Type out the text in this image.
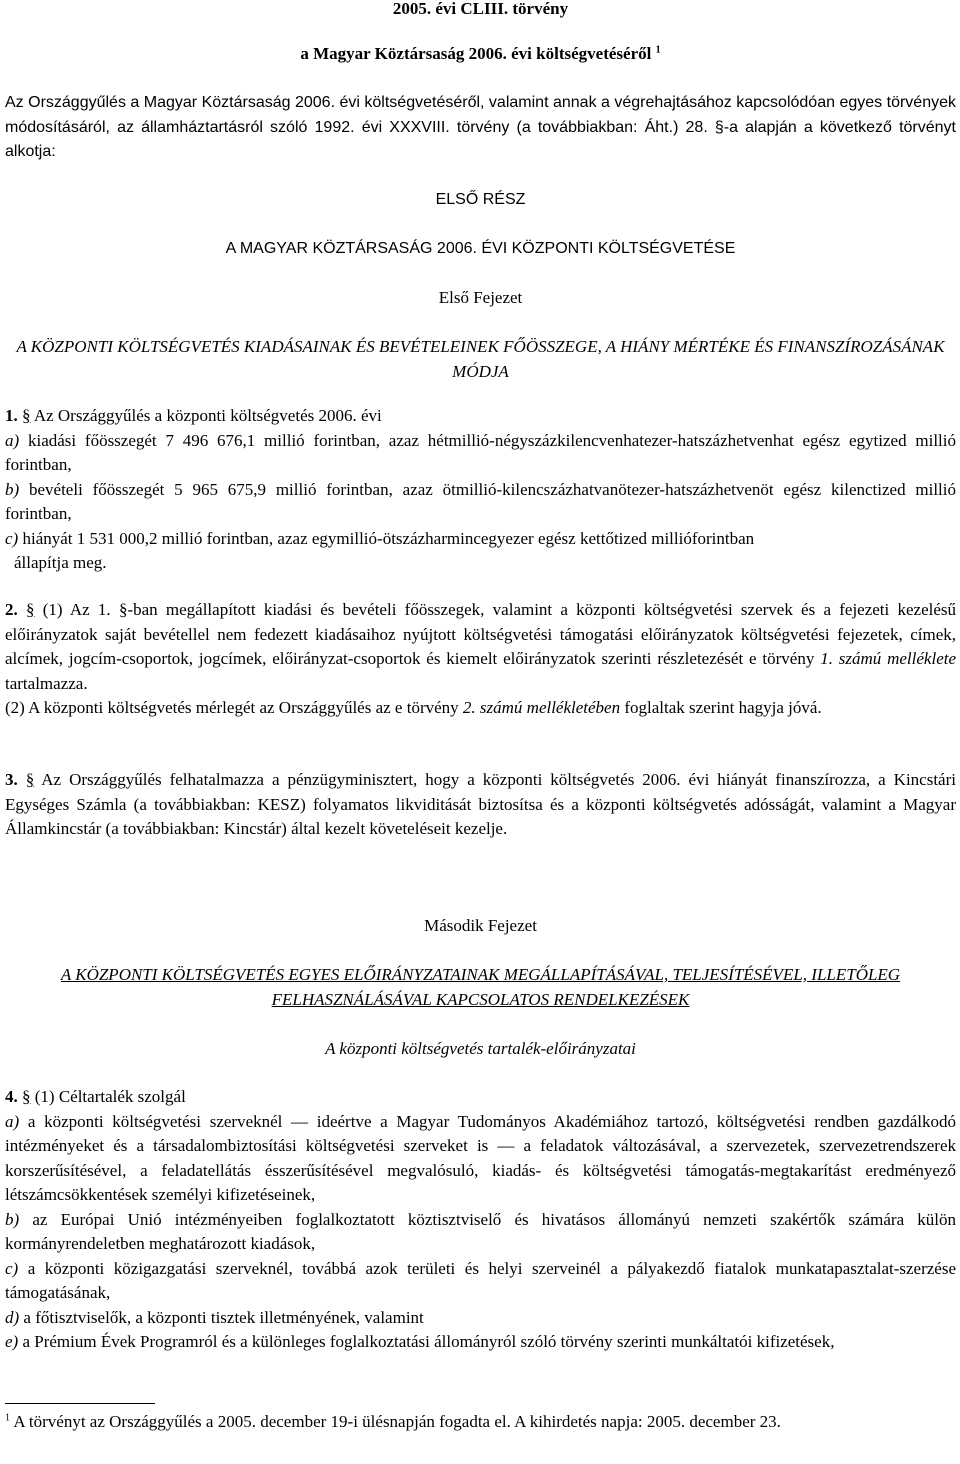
2005. évi CLIII. törvény
a Magyar Köztársaság 2006. évi költségvetéséről $^1$

Az Országgyűlés a Magyar Köztársaság 2006. évi költségvetéséről, valamint annak a végrehajtásához kapcsolódóan egyes törvények módosításáról, az államháztartásról szóló 1992. évi XXXVIII. törvény (a továbbiakban: Áht.) 28. §-a alapján a következő törvényt alkotja:

ELSŐ RÉSZ
A MAGYAR KÖZTÁRSASÁG 2006. ÉVI KÖZPONTI KÖLTSÉGVETÉSE
Első Fejezet
A KÖZPONTI KÖLTSÉGVETÉS KIADÁSAINAK ÉS BEVÉTELEINEK FŐÖSSZEGE, A HIÁNY MÉRTÉKE ÉS FINANSZÍROZÁSÁNAK MÓDJA
1. § Az Országgyűlés a központi költségvetés 2006. évi
a) kiadási főösszegét 7 496 676,1 millió forintban, azaz hétmillió-négyszázkilencvenhatezer-hatszázhetvenhat egész egytized millió forintban,
b) bevételi főösszegét 5 965 675,9 millió forintban, azaz ötmillió-kilencszázhatvanötezer-hatszázhetvenöt egész kilenctized millió forintban,
c) hiányát 1 531 000,2 millió forintban, azaz egymillió-ötszázharmincegyezer egész kettőtized millióforintban
állapítja meg.
2. § (1) Az 1. §-ban megállapított kiadási és bevételi főösszegek, valamint a központi költségvetési szervek és a fejezeti kezelésű előirányzatok saját bevétellel nem fedezett kiadásaihoz nyújtott költségvetési támogatási előirányzatok költségvetési fejezetek, címek, alcímek, jogcím-csoportok, jogcímek, előirányzat-csoportok és kiemelt előirányzatok szerinti részletezését e törvény 1. számú melléklete tartalmazza.
(2) A központi költségvetés mérlegét az Országgyűlés az e törvény 2. számú mellékletében foglaltak szerint hagyja jóvá.
3. § Az Országgyűlés felhatalmazza a pénzügyminisztert, hogy a központi költségvetés 2006. évi hiányát finanszírozza, a Kincstári Egységes Számla (a továbbiakban: KESZ) folyamatos likviditását biztosítsa és a központi költségvetés adósságát, valamint a Magyar Államkincstár (a továbbiakban: Kincstár) által kezelt követeléseit kezelje.
Második Fejezet
A KÖZPONTI KÖLTSÉGVETÉS EGYES ELŐIRÁNYZATAINAK MEGÁLLAPÍTÁSÁVAL, TELJESÍTÉSÉVEL, ILLETŐLEG FELHASZNÁLÁSÁVAL KAPCSOLATOS RENDELKEZÉSEK
A központi költségvetés tartalék-előirányzatai
4. § (1) Céltartalék szolgál
a) a központi költségvetési szerveknél — ideértve a Magyar Tudományos Akadémiához tartozó, költségvetési rendben gazdálkodó intézményeket és a társadalombiztosítási költségvetési szerveket is — a feladatok változásával, a szervezetek, szervezetrendszerek korszerűsítésével, a feladatellátás ésszerűsítésével megvalósuló, kiadás- és költségvetési támogatás-megtakarítást eredményező létszámcsökkentések személyi kifizetéseinek,
b) az Európai Unió intézményeiben foglalkoztatott köztisztviselő és hivatásos állományú nemzeti szakértők számára külön kormányrendeletben meghatározott kiadások,
c) a központi közigazgatási szerveknél, továbbá azok területi és helyi szerveinél a pályakezdő fiatalok munkatapasztalat-szerzése támogatásának,
d) a főtisztviselők, a központi tisztek illetményének, valamint
e) a Prémium Évek Programról és a különleges foglalkoztatási állományról szóló törvény szerinti munkáltatói kifizetések,
$^1$ A törvényt az Országgyűlés a 2005. december 19-i ülésnapján fogadta el. A kihirdetés napja: 2005. december 23.
